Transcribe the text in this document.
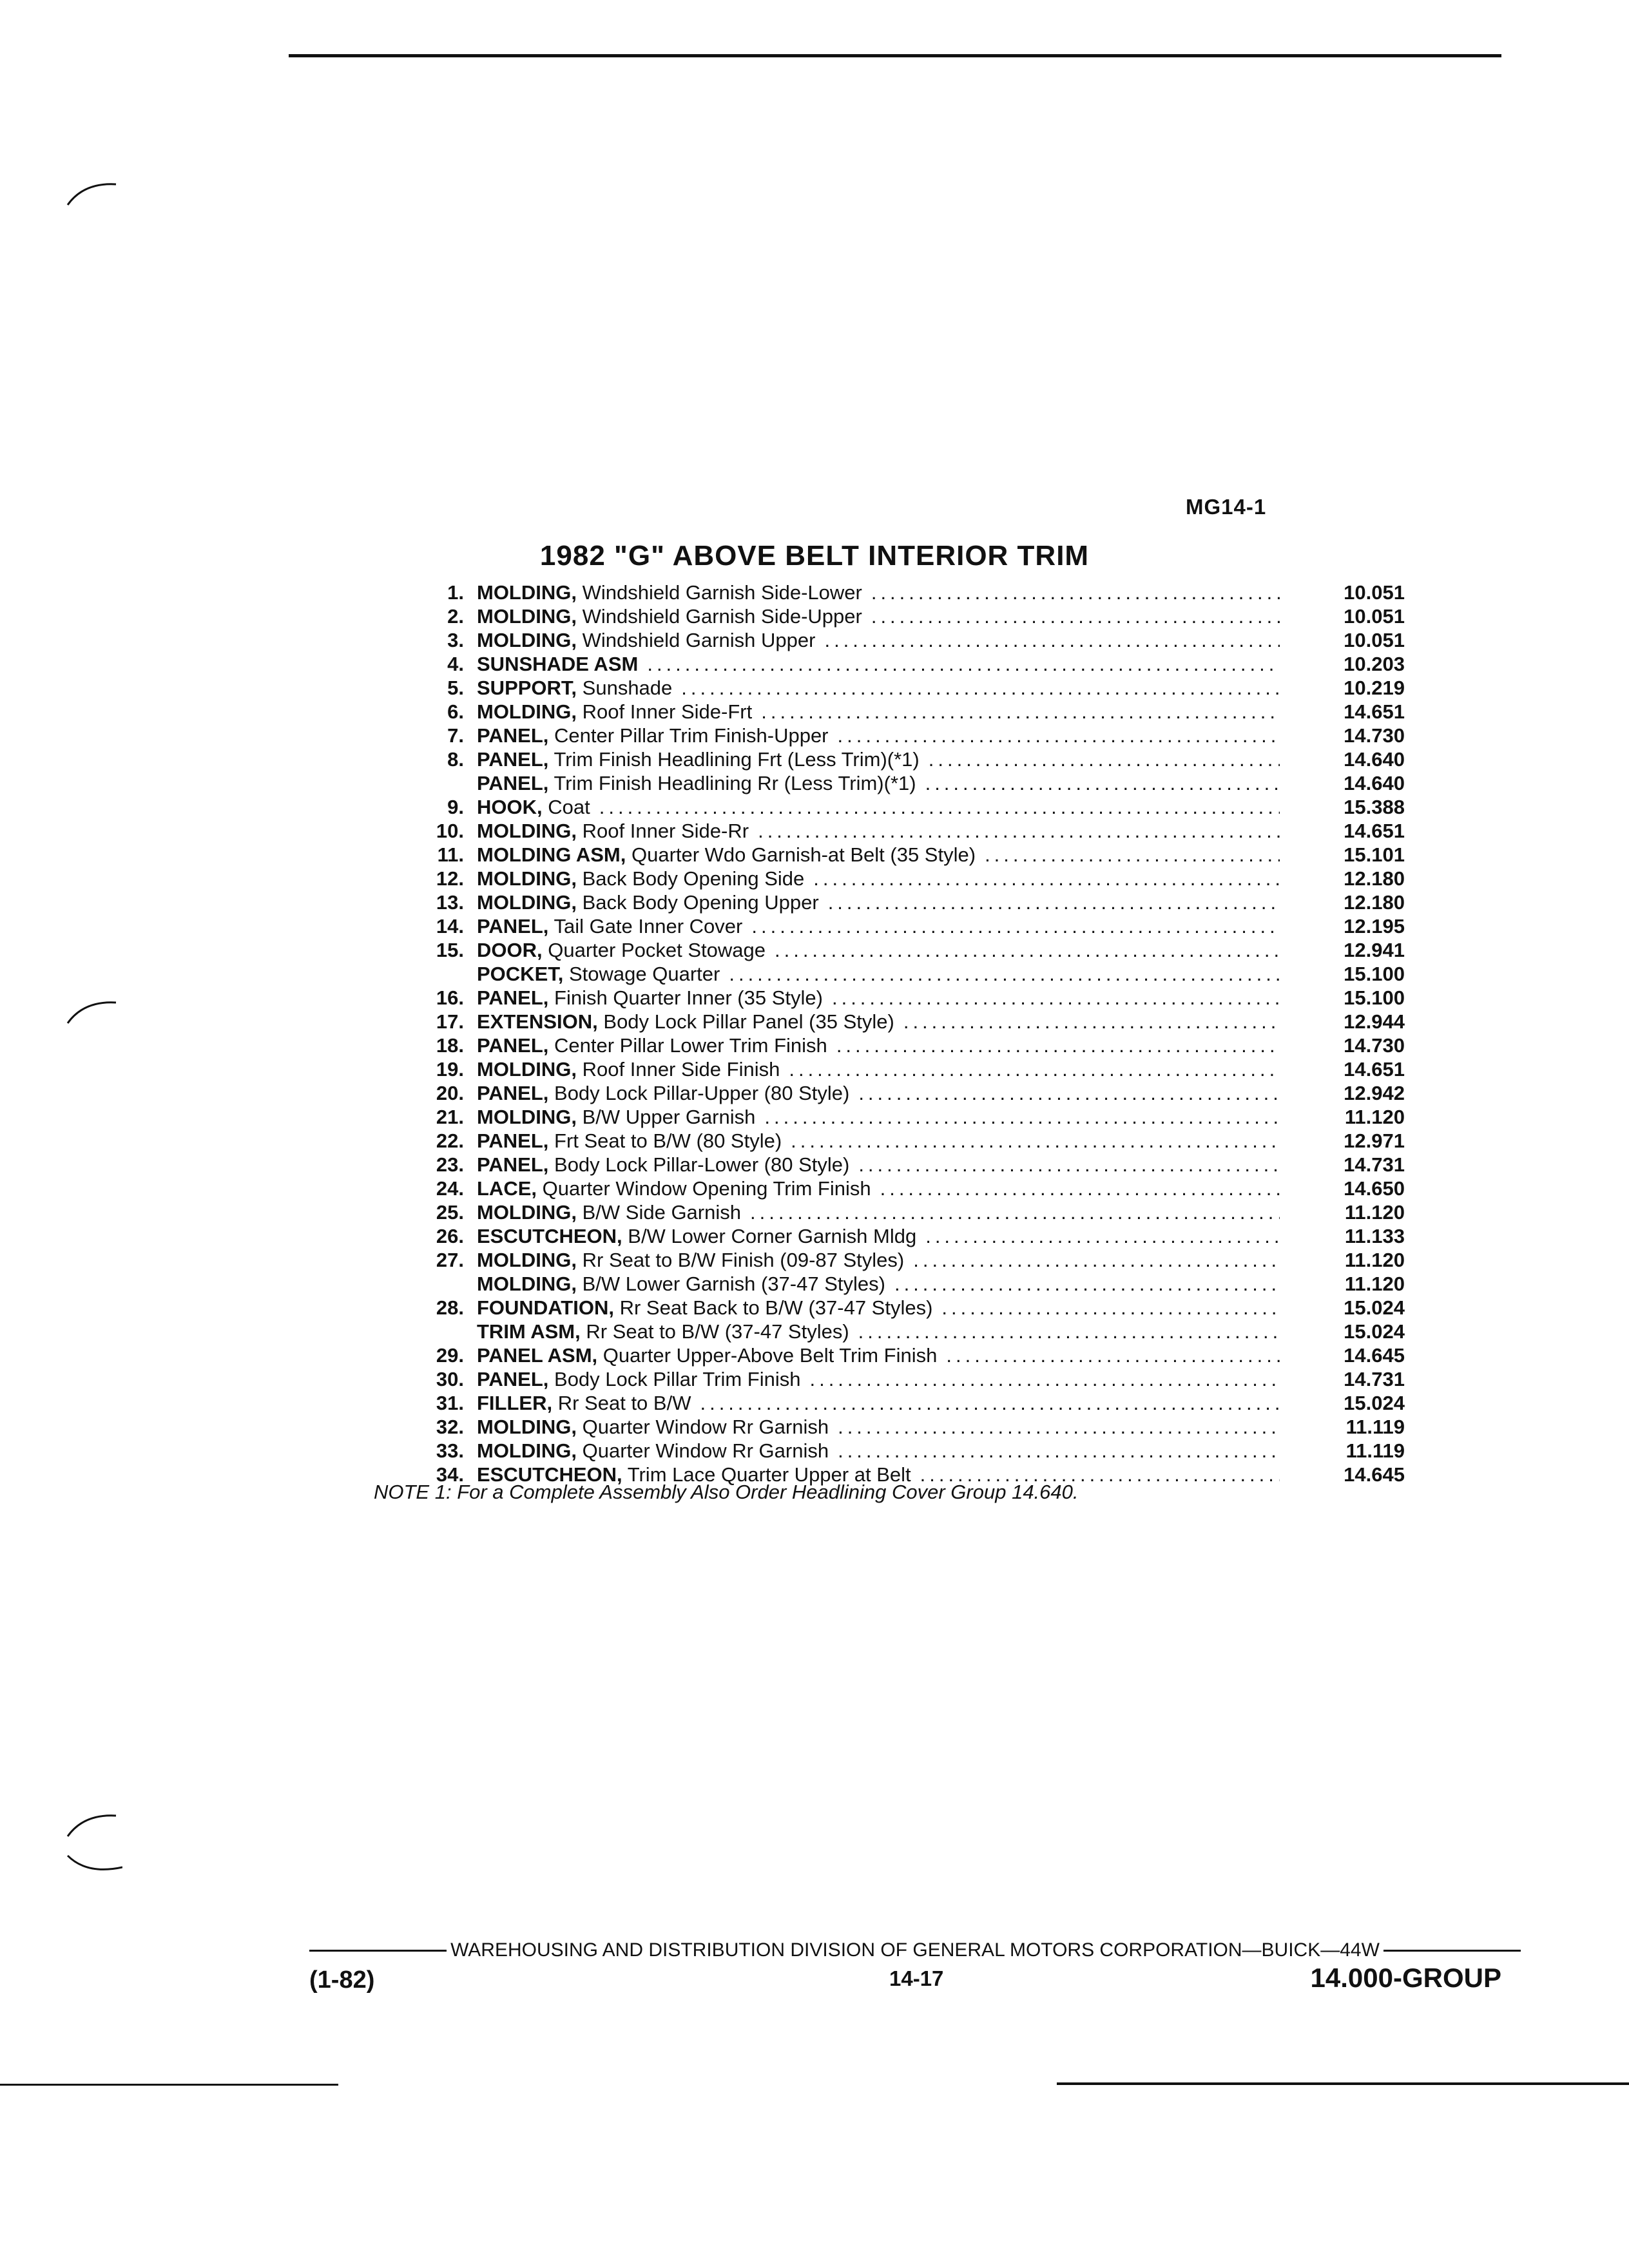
MG14-1
1982 "G" ABOVE BELT INTERIOR TRIM
1. MOLDING, Windshield Garnish Side-Lower .....	10.051
2. MOLDING, Windshield Garnish Side-Upper .....	10.051
3. MOLDING, Windshield Garnish Upper .....	10.051
4. SUNSHADE ASM .....	10.203
5. SUPPORT, Sunshade .....	10.219
6. MOLDING, Roof Inner Side-Frt .....	14.651
7. PANEL, Center Pillar Trim Finish-Upper .....	14.730
8. PANEL, Trim Finish Headlining Frt (Less Trim)(*1) .....	14.640
PANEL, Trim Finish Headlining Rr (Less Trim)(*1) .....	14.640
9. HOOK, Coat .....	15.388
10. MOLDING, Roof Inner Side-Rr .....	14.651
11. MOLDING ASM, Quarter Wdo Garnish-at Belt (35 Style) .....	15.101
12. MOLDING, Back Body Opening Side .....	12.180
13. MOLDING, Back Body Opening Upper .....	12.180
14. PANEL, Tail Gate Inner Cover .....	12.195
15. DOOR, Quarter Pocket Stowage .....	12.941
POCKET, Stowage Quarter .....	15.100
16. PANEL, Finish Quarter Inner (35 Style) .....	15.100
17. EXTENSION, Body Lock Pillar Panel (35 Style) .....	12.944
18. PANEL, Center Pillar Lower Trim Finish .....	14.730
19. MOLDING, Roof Inner Side Finish .....	14.651
20. PANEL, Body Lock Pillar-Upper (80 Style) .....	12.942
21. MOLDING, B/W Upper Garnish .....	11.120
22. PANEL, Frt Seat to B/W (80 Style) .....	12.971
23. PANEL, Body Lock Pillar-Lower (80 Style) .....	14.731
24. LACE, Quarter Window Opening Trim Finish .....	14.650
25. MOLDING, B/W Side Garnish .....	11.120
26. ESCUTCHEON, B/W Lower Corner Garnish Mldg .....	11.133
27. MOLDING, Rr Seat to B/W Finish (09-87 Styles) .....	11.120
MOLDING, B/W Lower Garnish (37-47 Styles) .....	11.120
28. FOUNDATION, Rr Seat Back to B/W (37-47 Styles) .....	15.024
TRIM ASM, Rr Seat to B/W (37-47 Styles) .....	15.024
29. PANEL ASM, Quarter Upper-Above Belt Trim Finish .....	14.645
30. PANEL, Body Lock Pillar Trim Finish .....	14.731
31. FILLER, Rr Seat to B/W .....	15.024
32. MOLDING, Quarter Window Rr Garnish .....	11.119
33. MOLDING, Quarter Window Rr Garnish .....	11.119
34. ESCUTCHEON, Trim Lace Quarter Upper at Belt .....	14.645
NOTE 1: For a Complete Assembly Also Order Headlining Cover Group 14.640.
WAREHOUSING AND DISTRIBUTION DIVISION OF GENERAL MOTORS CORPORATION—BUICK—44W
(1-82)	14-17	14.000-GROUP
